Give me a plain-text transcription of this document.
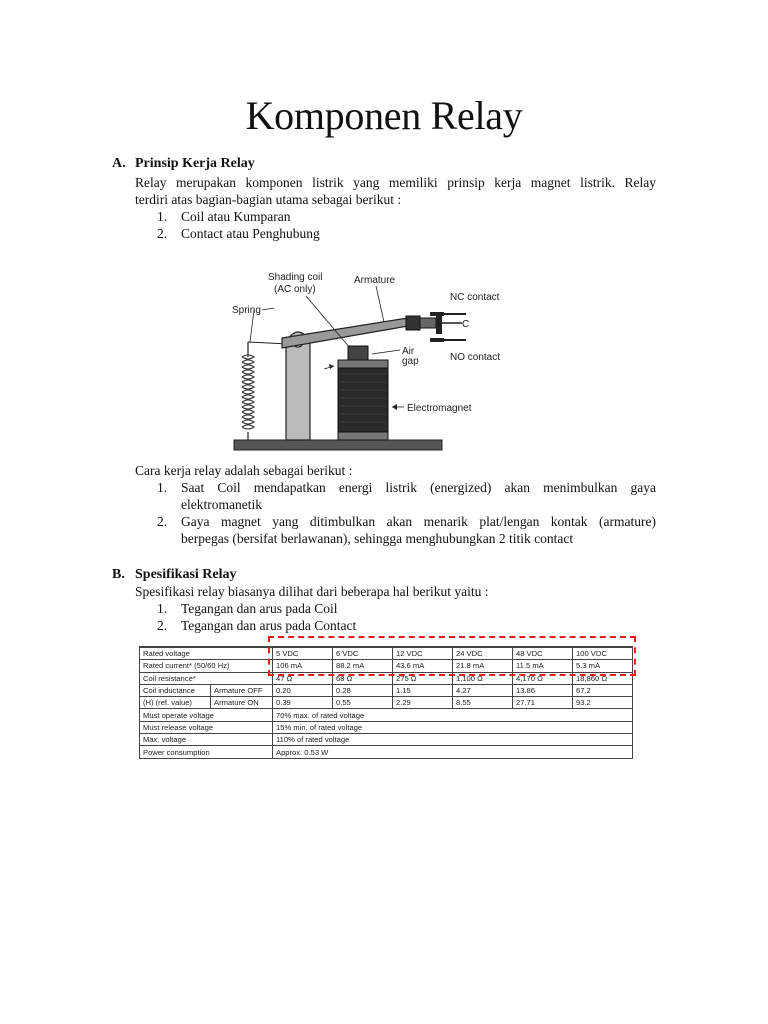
Komponen Relay
A. Prinsip Kerja Relay
Relay merupakan komponen listrik yang memiliki prinsip kerja magnet listrik. Relay
terdiri atas bagian-bagian utama sebagai berikut :
1. Coil atau Kumparan
2. Contact atau Penghubung
Shading coil
(AC only)
Armature
NC contact
Spring
C
Air
gap	NO contact
Electromagnet
Cara kerja relay adalah sebagai berikut :
1. Saat Coil mendapatkan energi listrik (energized) akan menimbulkan gaya
elektromanetik
2. Gaya magnet yang ditimbulkan akan menarik plat/lengan kontak (armature)
berpegas (bersifat berlawanan), sehingga menghubungkan 2 titik contact
B. Spesifikasi Relay
Spesifikasi relay biasanya dilihat dari beberapa hal berikut yaitu :
1. Tegangan dan arus pada Coil
2. Tegangan dan arus pada Contact
Rated voltage		5 VDC	6 VDC	12 VDC	24 VDC	48 VDC	100 VDC
Rated current* (50/60 Hz)		106 mA	88.2 mA	43.6 mA	21.8 mA	11.5 mA	5.3 mA
Coil resistance*		47 Ω	68 Ω	275 Ω	1,100 Ω	4,170 Ω	18,860 Ω
Coil inductance	Armature OFF	0.20	0.28	1.15	4.27	13.86	67.2
(H) (ref. value)	Armature ON	0.39	0.55	2.29	8.55	27.71	93.2
Must operate voltage		70% max. of rated voltage					
Must release voltage		15% min. of rated voltage					
Max. voltage		110% of rated voltage					
Power consumption		Approx. 0.53 W					
